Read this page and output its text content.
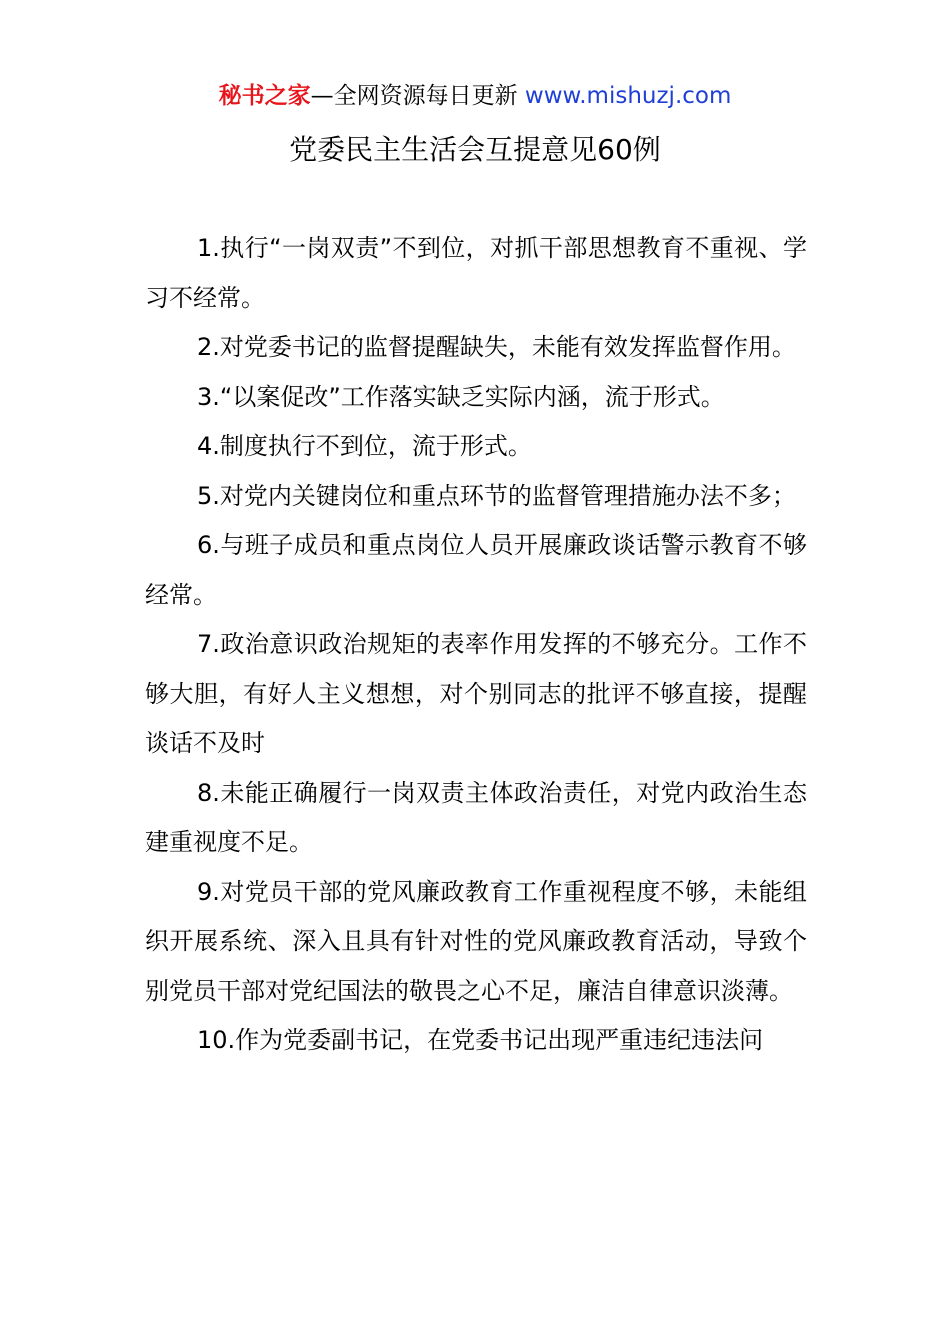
秘书之家—全网资源每日更新 www.mishuzj.com
党委民主生活会互提意见60例

1.执行“一岗双责”不到位，对抓干部思想教育不重视、学习不经常。

2.对党委书记的监督提醒缺失，未能有效发挥监督作用。

3.“以案促改”工作落实缺乏实际内涵，流于形式。

4.制度执行不到位，流于形式。

5.对党内关键岗位和重点环节的监督管理措施办法不多；

6.与班子成员和重点岗位人员开展廉政谈话警示教育不够经常。

7.政治意识政治规矩的表率作用发挥的不够充分。工作不够大胆，有好人主义想想，对个别同志的批评不够直接，提醒谈话不及时

8.未能正确履行一岗双责主体政治责任，对党内政治生态建重视度不足。

9.对党员干部的党风廉政教育工作重视程度不够，未能组织开展系统、深入且具有针对性的党风廉政教育活动，导致个别党员干部对党纪国法的敬畏之心不足，廉洁自律意识淡薄。

10.作为党委副书记，在党委书记出现严重违纪违法问
